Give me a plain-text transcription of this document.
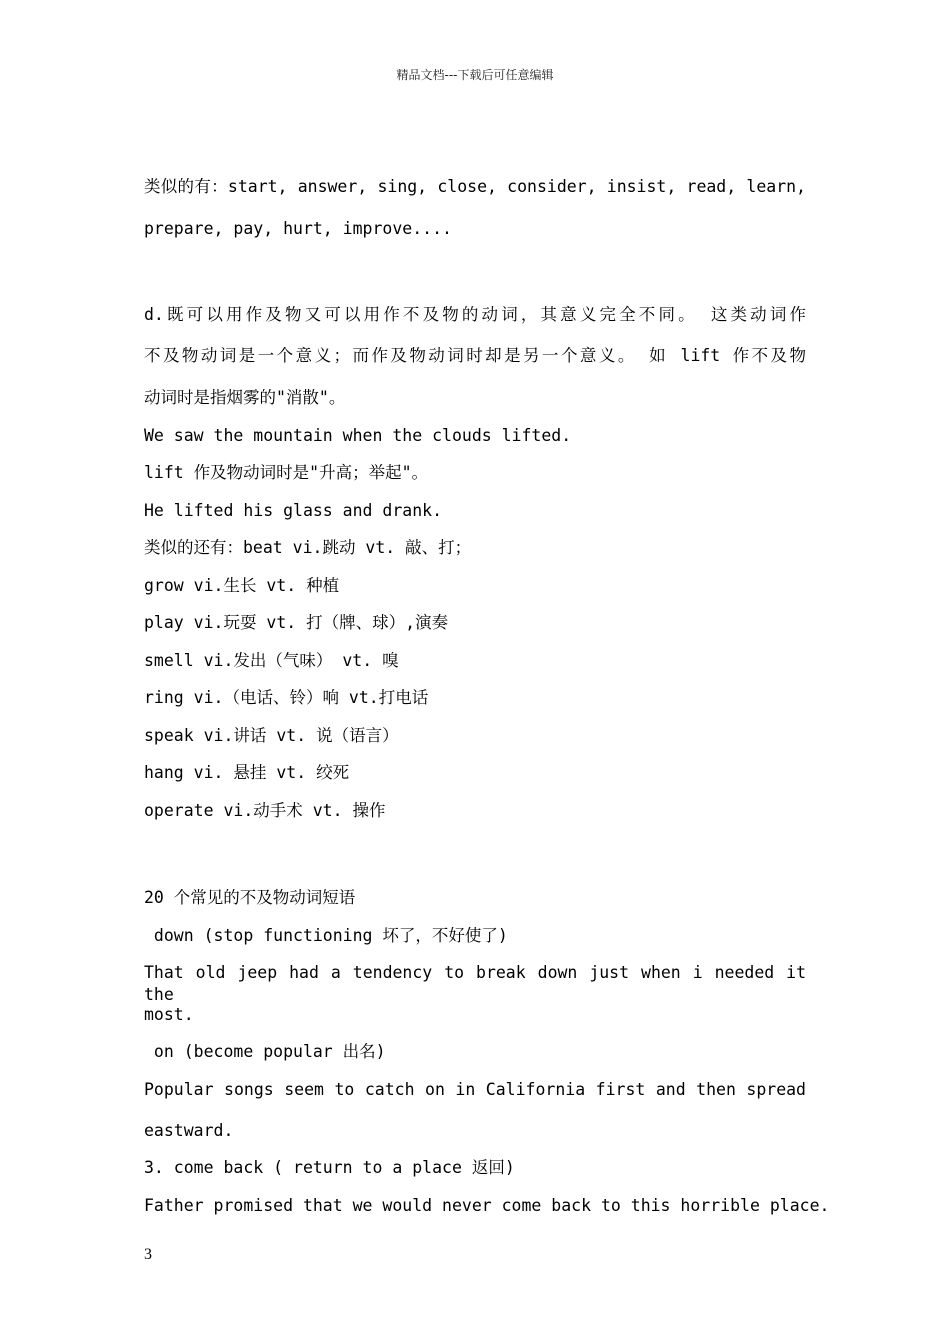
精品文档---下载后可任意编辑
类似的有：start, answer, sing, close, consider, insist, read, learn,
prepare, pay, hurt, improve....
d.既可以用作及物又可以用作不及物的动词，其意义完全不同。 这类动词作
不及物动词是一个意义；而作及物动词时却是另一个意义。 如 lift 作不及物
动词时是指烟雾的"消散"。
We saw the mountain when the clouds lifted.
lift 作及物动词时是"升高；举起"。
He lifted his glass and drank.
类似的还有：beat vi.跳动 vt. 敲、打；
grow vi.生长 vt. 种植
play vi.玩耍 vt. 打（牌、球）,演奏
smell vi.发出（气味） vt. 嗅
ring vi.（电话、铃）响 vt.打电话
speak vi.讲话 vt. 说（语言）
hang vi. 悬挂 vt. 绞死
operate vi.动手术 vt. 操作
20 个常见的不及物动词短语
down (stop functioning 坏了，不好使了)
That old jeep had a tendency to break down just when i needed it the
most.
on (become popular 出名)
Popular songs seem to catch on in California first and then spread
eastward.
3. come back ( return to a place 返回)
Father promised that we would never come back to this horrible place.
3
